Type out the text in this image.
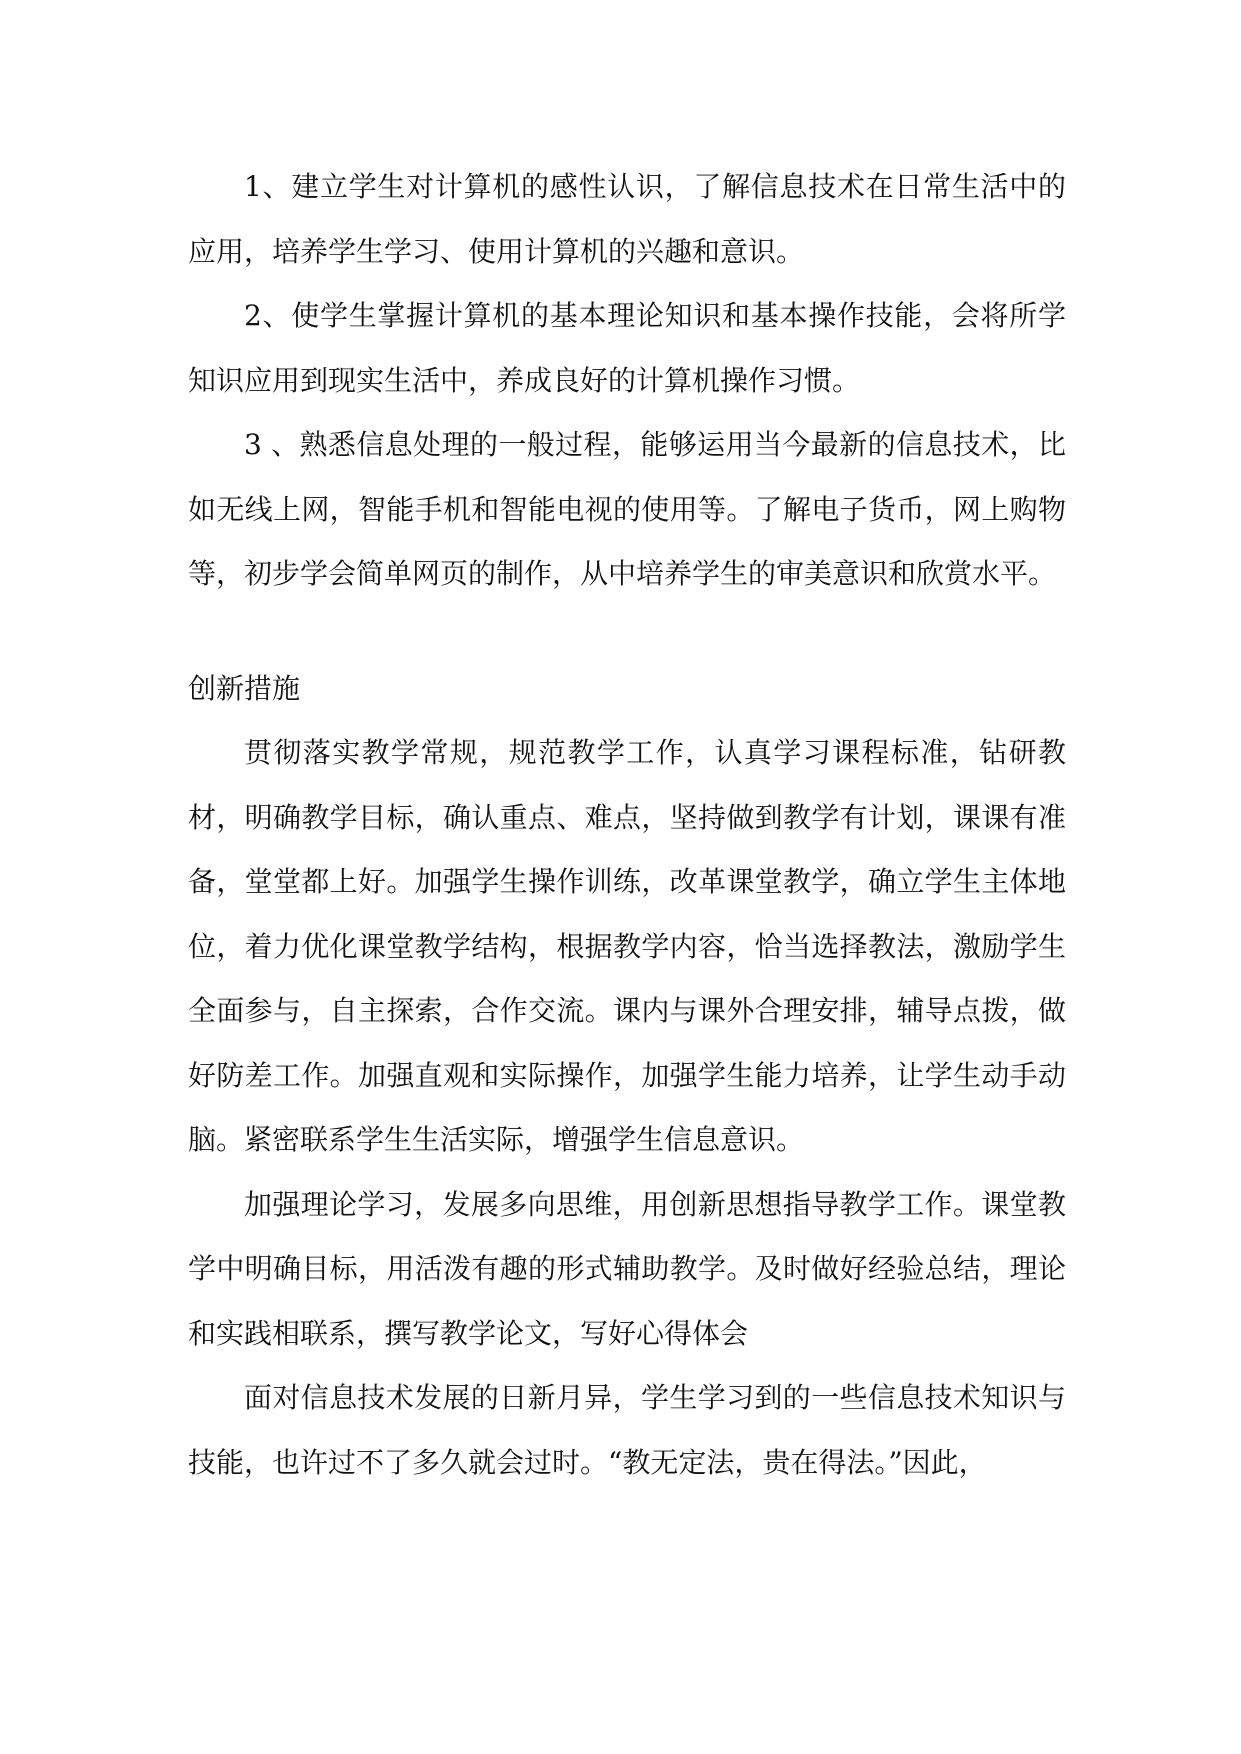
1、建立学生对计算机的感性认识，了解信息技术在日常生活中的应用，培养学生学习、使用计算机的兴趣和意识。

2、使学生掌握计算机的基本理论知识和基本操作技能，会将所学知识应用到现实生活中，养成良好的计算机操作习惯。

3 、熟悉信息处理的一般过程，能够运用当今最新的信息技术，比如无线上网，智能手机和智能电视的使用等。了解电子货币，网上购物等，初步学会简单网页的制作，从中培养学生的审美意识和欣赏水平。

创新措施

贯彻落实教学常规，规范教学工作，认真学习课程标准，钻研教材，明确教学目标，确认重点、难点，坚持做到教学有计划，课课有准备，堂堂都上好。加强学生操作训练，改革课堂教学，确立学生主体地位，着力优化课堂教学结构，根据教学内容，恰当选择教法，激励学生全面参与，自主探索，合作交流。课内与课外合理安排，辅导点拨，做好防差工作。加强直观和实际操作，加强学生能力培养，让学生动手动脑。紧密联系学生生活实际，增强学生信息意识。

加强理论学习，发展多向思维，用创新思想指导教学工作。课堂教学中明确目标，用活泼有趣的形式辅助教学。及时做好经验总结，理论和实践相联系，撰写教学论文，写好心得体会

面对信息技术发展的日新月异，学生学习到的一些信息技术知识与技能，也许过不了多久就会过时。“教无定法，贵在得法。”因此，
